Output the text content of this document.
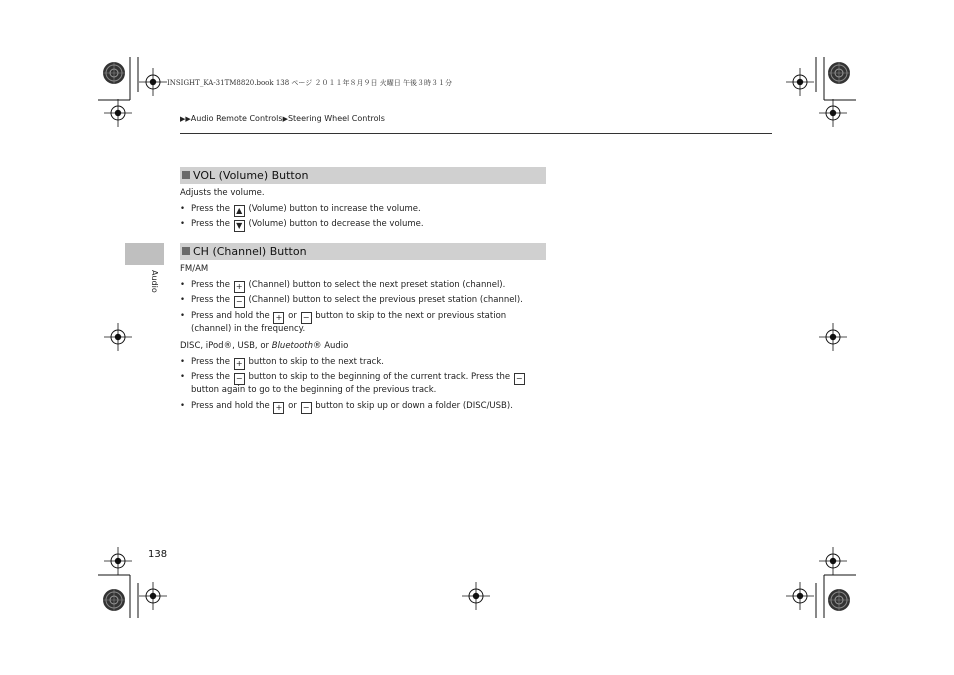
INSIGHT_KA-31TM8820.book 138 ページ ２０１１年８月９日 火曜日 午後３時３１分
▶▶Audio Remote Controls▶Steering Wheel Controls
Audio
VOL (Volume) Button
Adjusts the volume.
• Press the ▲ (Volume) button to increase the volume.
• Press the ▼ (Volume) button to decrease the volume.
CH (Channel) Button
FM/AM
• Press the + (Channel) button to select the next preset station (channel).
• Press the − (Channel) button to select the previous preset station (channel).
• Press and hold the + or − button to skip to the next or previous station
(channel) in the frequency.
DISC, iPod®, USB, or Bluetooth® Audio
• Press the + button to skip to the next track.
• Press the − button to skip to the beginning of the current track. Press the −
button again to go to the beginning of the previous track.
• Press and hold the + or − button to skip up or down a folder (DISC/USB).
138
